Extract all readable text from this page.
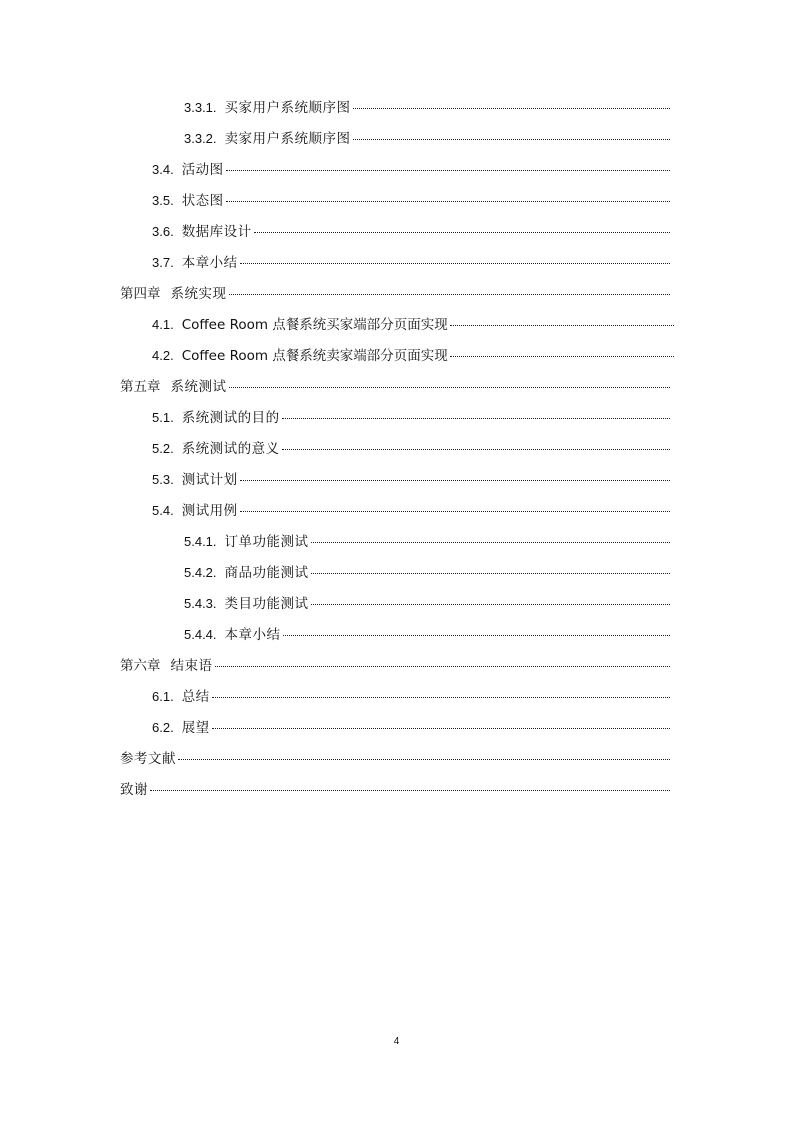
3.3.1. 买家用户系统顺序图
3.3.2. 卖家用户系统顺序图
3.4. 活动图
3.5. 状态图
3.6. 数据库设计
3.7. 本章小结
第四章 系统实现
4.1. Coffee Room 点餐系统买家端部分页面实现
4.2. Coffee Room 点餐系统卖家端部分页面实现
第五章 系统测试
5.1. 系统测试的目的
5.2. 系统测试的意义
5.3. 测试计划
5.4. 测试用例
5.4.1. 订单功能测试
5.4.2. 商品功能测试
5.4.3. 类目功能测试
5.4.4. 本章小结
第六章 结束语
6.1. 总结
6.2. 展望
参考文献
致谢
4
